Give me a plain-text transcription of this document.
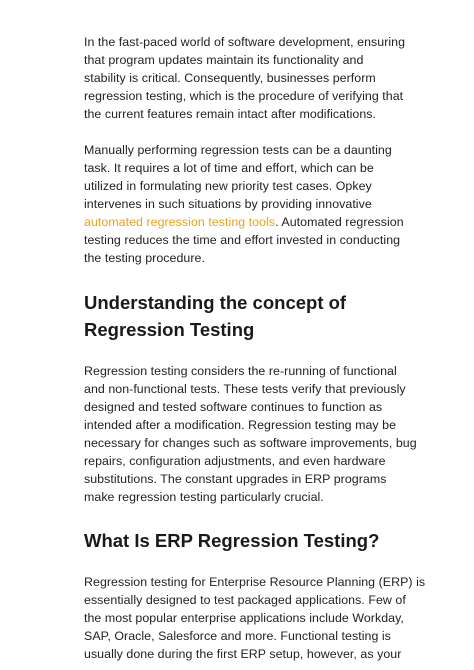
In the fast-paced world of software development, ensuring
that program updates maintain its functionality and
stability is critical. Consequently, businesses perform
regression testing, which is the procedure of verifying that
the current features remain intact after modifications.

Manually performing regression tests can be a daunting
task. It requires a lot of time and effort, which can be
utilized in formulating new priority test cases. Opkey
intervenes in such situations by providing innovative
automated regression testing tools. Automated regression
testing reduces the time and effort invested in conducting
the testing procedure.

Understanding the concept of
Regression Testing

Regression testing considers the re-running of functional
and non-functional tests. These tests verify that previously
designed and tested software continues to function as
intended after a modification. Regression testing may be
necessary for changes such as software improvements, bug
repairs, configuration adjustments, and even hardware
substitutions. The constant upgrades in ERP programs
make regression testing particularly crucial.

What Is ERP Regression Testing?

Regression testing for Enterprise Resource Planning (ERP) is
essentially designed to test packaged applications. Few of
the most popular enterprise applications include Workday,
SAP, Oracle, Salesforce and more. Functional testing is
usually done during the first ERP setup, however, as your
